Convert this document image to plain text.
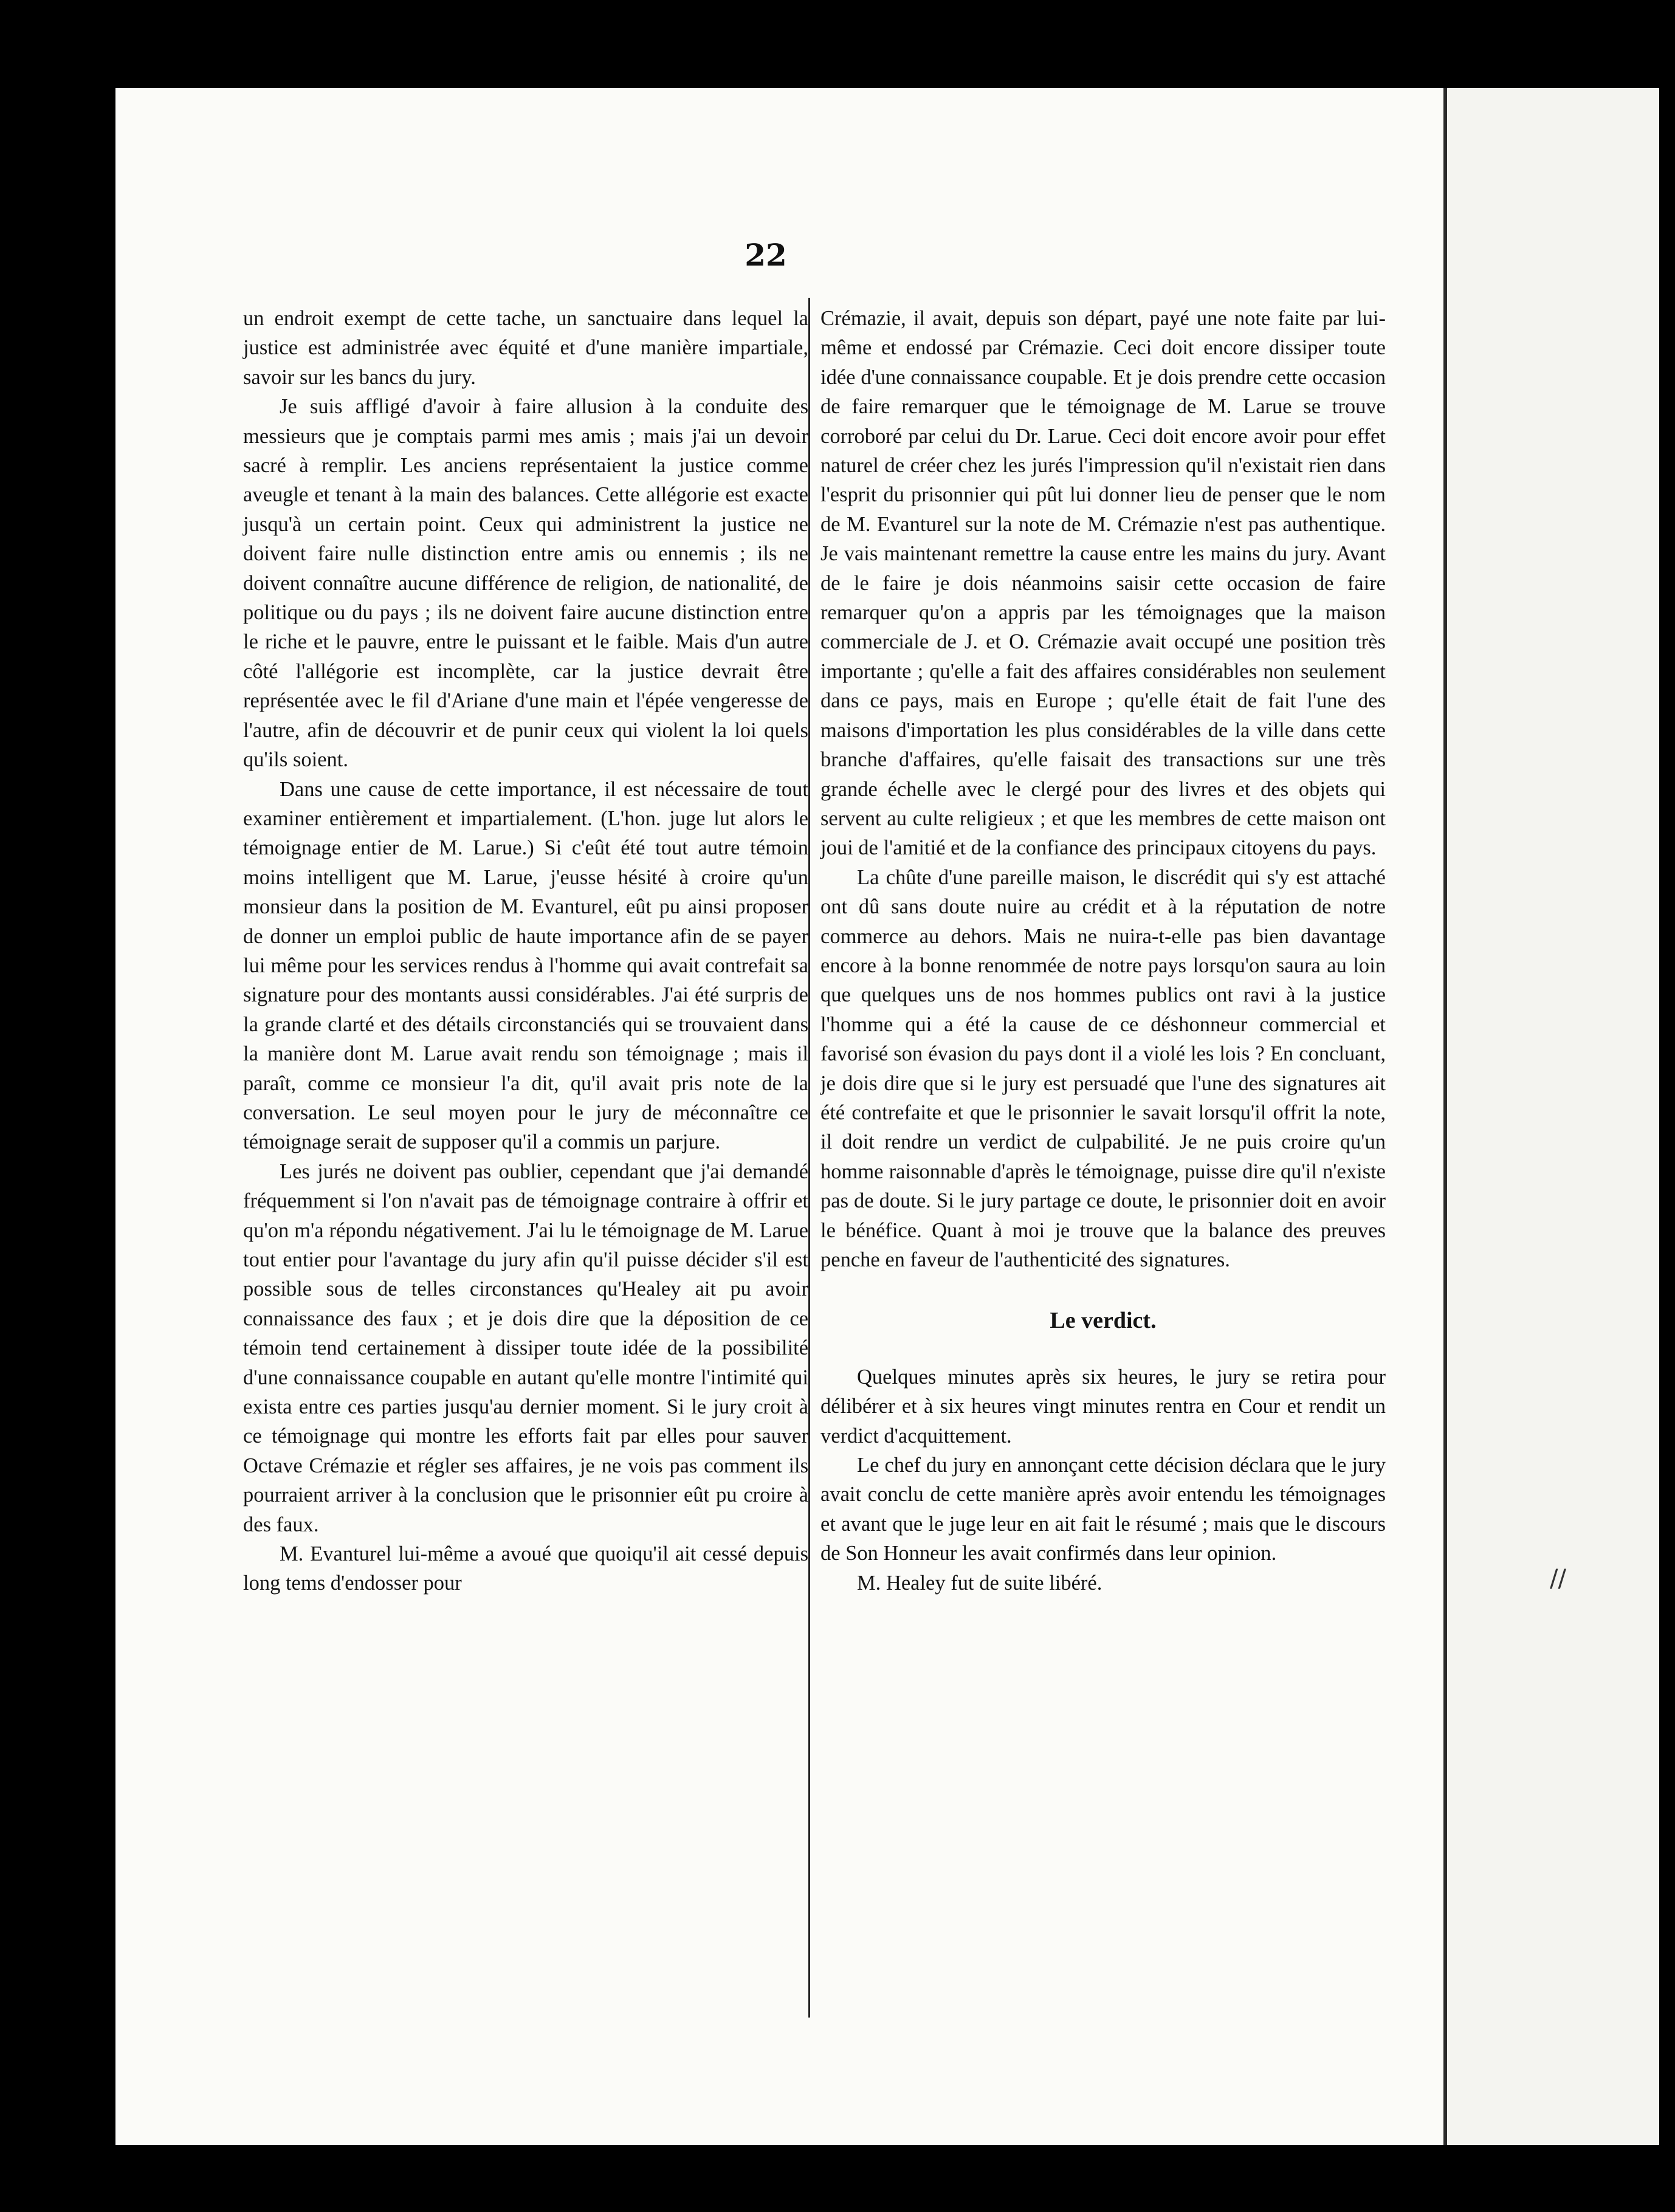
22

un endroit exempt de cette tache, un sanctuaire dans lequel la justice est administrée avec équité et d'une manière impartiale, savoir sur les bancs du jury.

Je suis affligé d'avoir à faire allusion à la conduite des messieurs que je comptais parmi mes amis ; mais j'ai un devoir sacré à remplir. Les anciens représentaient la justice comme aveugle et tenant à la main des balances. Cette allégorie est exacte jusqu'à un certain point. Ceux qui administrent la justice ne doivent faire nulle distinction entre amis ou ennemis ; ils ne doivent connaître aucune différence de religion, de nationalité, de politique ou du pays ; ils ne doivent faire aucune distinction entre le riche et le pauvre, entre le puissant et le faible. Mais d'un autre côté l'allégorie est incomplète, car la justice devrait être représentée avec le fil d'Ariane d'une main et l'épée vengeresse de l'autre, afin de découvrir et de punir ceux qui violent la loi quels qu'ils soient.

Dans une cause de cette importance, il est nécessaire de tout examiner entièrement et impartialement. (L'hon. juge lut alors le témoignage entier de M. Larue.) Si c'eût été tout autre témoin moins intelligent que M. Larue, j'eusse hésité à croire qu'un monsieur dans la position de M. Evanturel, eût pu ainsi proposer de donner un emploi public de haute importance afin de se payer lui même pour les services rendus à l'homme qui avait contrefait sa signature pour des montants aussi considérables. J'ai été surpris de la grande clarté et des détails circonstanciés qui se trouvaient dans la manière dont M. Larue avait rendu son témoignage ; mais il paraît, comme ce monsieur l'a dit, qu'il avait pris note de la conversation. Le seul moyen pour le jury de méconnaître ce témoignage serait de supposer qu'il a commis un parjure.

Les jurés ne doivent pas oublier, cependant que j'ai demandé fréquemment si l'on n'avait pas de témoignage contraire à offrir et qu'on m'a répondu négativement. J'ai lu le témoignage de M. Larue tout entier pour l'avantage du jury afin qu'il puisse décider s'il est possible sous de telles circonstances qu'Healey ait pu avoir connaissance des faux ; et je dois dire que la déposition de ce témoin tend certainement à dissiper toute idée de la possibilité d'une connaissance coupable en autant qu'elle montre l'intimité qui exista entre ces parties jusqu'au dernier moment. Si le jury croit à ce témoignage qui montre les efforts fait par elles pour sauver Octave Crémazie et régler ses affaires, je ne vois pas comment ils pourraient arriver à la conclusion que le prisonnier eût pu croire à des faux.

M. Evanturel lui-même a avoué que quoiqu'il ait cessé depuis long tems d'endosser pour

Crémazie, il avait, depuis son départ, payé une note faite par lui-même et endossé par Crémazie. Ceci doit encore dissiper toute idée d'une connaissance coupable. Et je dois prendre cette occasion de faire remarquer que le témoignage de M. Larue se trouve corroboré par celui du Dr. Larue. Ceci doit encore avoir pour effet naturel de créer chez les jurés l'impression qu'il n'existait rien dans l'esprit du prisonnier qui pût lui donner lieu de penser que le nom de M. Evanturel sur la note de M. Crémazie n'est pas authentique. Je vais maintenant remettre la cause entre les mains du jury. Avant de le faire je dois néanmoins saisir cette occasion de faire remarquer qu'on a appris par les témoignages que la maison commerciale de J. et O. Crémazie avait occupé une position très importante ; qu'elle a fait des affaires considérables non seulement dans ce pays, mais en Europe ; qu'elle était de fait l'une des maisons d'importation les plus considérables de la ville dans cette branche d'affaires, qu'elle faisait des transactions sur une très grande échelle avec le clergé pour des livres et des objets qui servent au culte religieux ; et que les membres de cette maison ont joui de l'amitié et de la confiance des principaux citoyens du pays.

La chûte d'une pareille maison, le discrédit qui s'y est attaché ont dû sans doute nuire au crédit et à la réputation de notre commerce au dehors. Mais ne nuira-t-elle pas bien davantage encore à la bonne renommée de notre pays lorsqu'on saura au loin que quelques uns de nos hommes publics ont ravi à la justice l'homme qui a été la cause de ce déshonneur commercial et favorisé son évasion du pays dont il a violé les lois ? En concluant, je dois dire que si le jury est persuadé que l'une des signatures ait été contrefaite et que le prisonnier le savait lorsqu'il offrit la note, il doit rendre un verdict de culpabilité. Je ne puis croire qu'un homme raisonnable d'après le témoignage, puisse dire qu'il n'existe pas de doute. Si le jury partage ce doute, le prisonnier doit en avoir le bénéfice. Quant à moi je trouve que la balance des preuves penche en faveur de l'authenticité des signatures.

Le verdict.

Quelques minutes après six heures, le jury se retira pour délibérer et à six heures vingt minutes rentra en Cour et rendit un verdict d'acquittement.

Le chef du jury en annonçant cette décision déclara que le jury avait conclu de cette manière après avoir entendu les témoignages et avant que le juge leur en ait fait le résumé ; mais que le discours de Son Honneur les avait confirmés dans leur opinion.

M. Healey fut de suite libéré.	//
